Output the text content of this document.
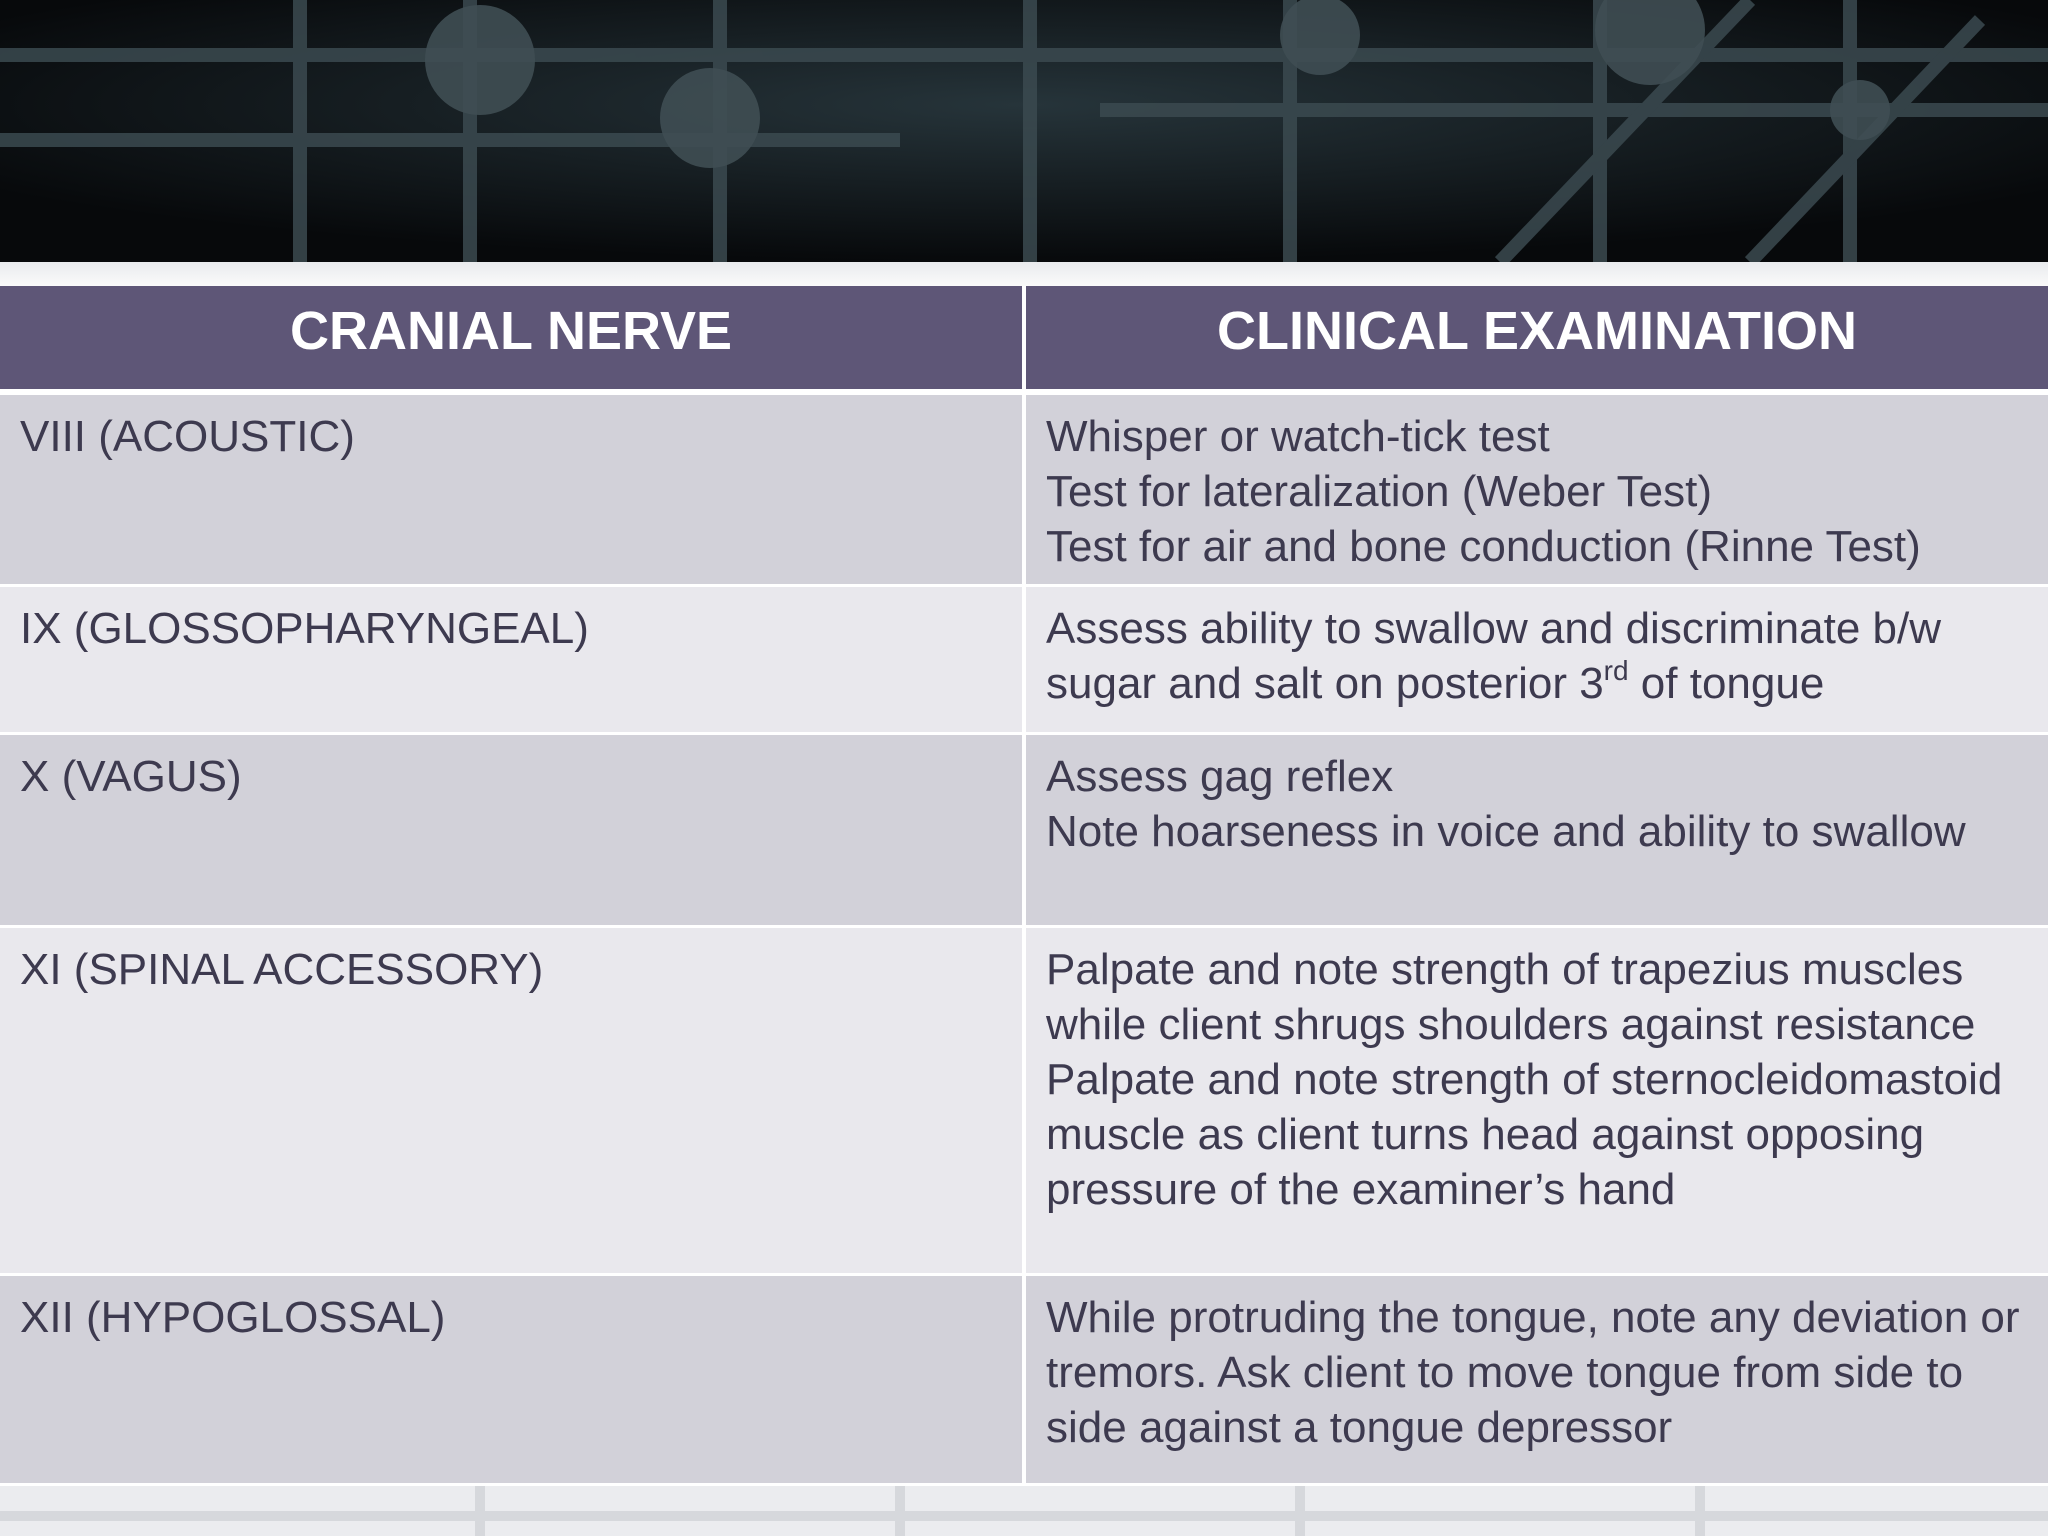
CRANIAL NERVE	CLINICAL EXAMINATION
VIII (ACOUSTIC)	Whisper or watch-tick test
Test for lateralization (Weber Test)
Test for air and bone conduction (Rinne Test)

IX (GLOSSOPHARYNGEAL)	Assess ability to swallow and discriminate b/w
sugar and salt on posterior 3rd of tongue

X (VAGUS)	Assess gag reflex
Note hoarseness in voice and ability to swallow

XI (SPINAL ACCESSORY)	Palpate and note strength of trapezius muscles while client shrugs shoulders against resistance
Palpate and note strength of sternocleidomastoid muscle as client turns head against opposing pressure of the examiner’s hand

XII (HYPOGLOSSAL)	While protruding the tongue, note any deviation or tremors. Ask client to move tongue from side to side against a tongue depressor
